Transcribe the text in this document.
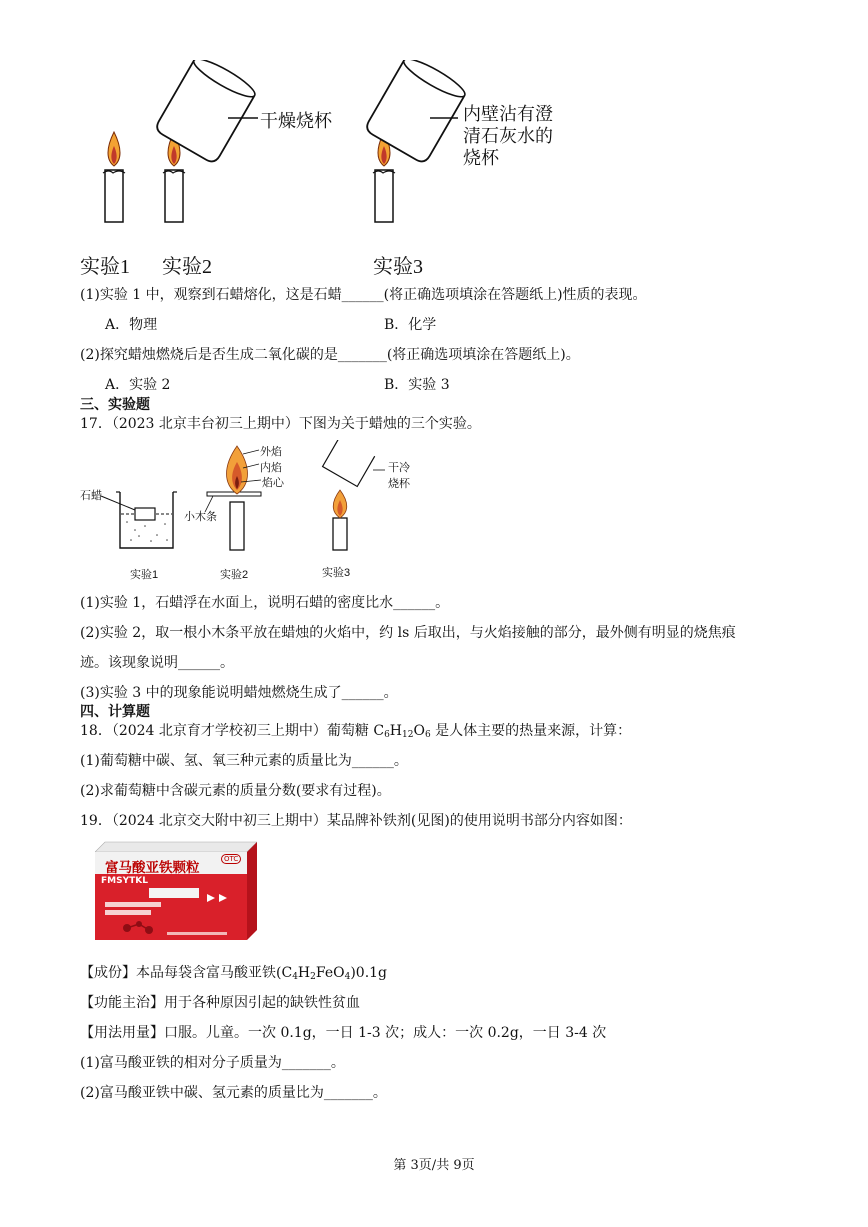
干燥烧杯	内壁沾有澄
清石灰水的
烧杯
实验1 实验2	实验3
(1)实验 1 中，观察到石蜡熔化，这是石蜡______(将正确选项填涂在答题纸上)性质的表现。
A．物理	B．化学
(2)探究蜡烛燃烧后是否生成二氧化碳的是_______(将正确选项填涂在答题纸上)。
A．实验 2	B．实验 3
三、实验题
17．（2023 北京丰台初三上期中）下图为关于蜡烛的三个实验。
石蜡
外焰
内焰
焰心
小木条
干冷
烧杯
实验1	实验2	实验3
(1)实验 1，石蜡浮在水面上，说明石蜡的密度比水______。
(2)实验 2，取一根小木条平放在蜡烛的火焰中，约 ls 后取出，与火焰接触的部分，最外侧有明显的烧焦痕
迹。该现象说明______。
(3)实验 3 中的现象能说明蜡烛燃烧生成了______。
四、计算题
18．（2024 北京育才学校初三上期中）葡萄糖 $C_6H_{12}O_6$ 是人体主要的热量来源，计算：
(1)葡萄糖中碳、氢、氧三种元素的质量比为______。
(2)求葡萄糖中含碳元素的质量分数(要求有过程)。
19．（2024 北京交大附中初三上期中）某品牌补铁剂(见图)的使用说明书部分内容如图：
富马酸亚铁颗粒
FMSYTKL
OTC
【成份】本品每袋含富马酸亚铁$(C_4H_2FeO_4)0.1g$
【功能主治】用于各种原因引起的缺铁性贫血
【用法用量】口服。儿童。一次 0.1g，一日 1-3 次；成人：一次 0.2g，一日 3-4 次
(1)富马酸亚铁的相对分子质量为_______。
(2)富马酸亚铁中碳、氢元素的质量比为_______。
第 3页/共 9页
